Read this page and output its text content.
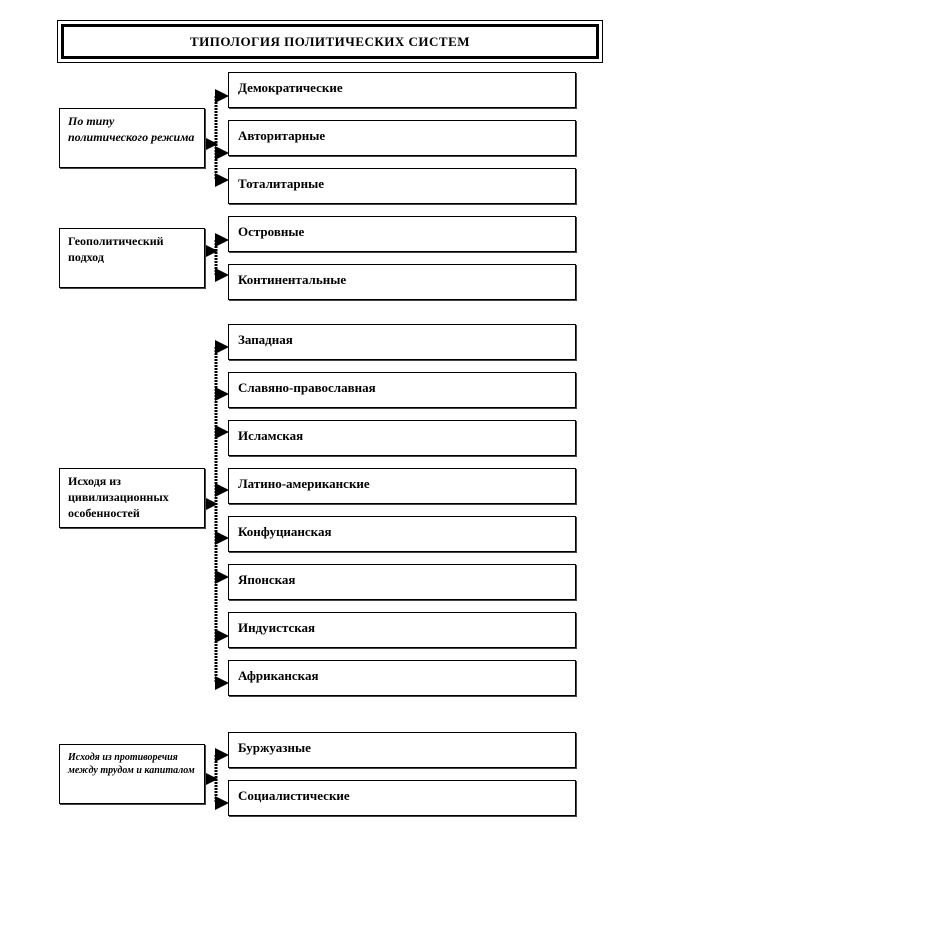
ТИПОЛОГИЯ ПОЛИТИЧЕСКИХ СИСТЕМ
По типу политического режима
Демократические
Авторитарные
Тоталитарные
Геополитический подход
Островные
Континентальные
Исходя из цивилизационных особенностей
Западная
Славяно-православная
Исламская
Латино-американские
Конфуцианская
Японская
Индуистская
Африканская
Исходя из противоречия между трудом и капиталом
Буржуазные
Социалистические
